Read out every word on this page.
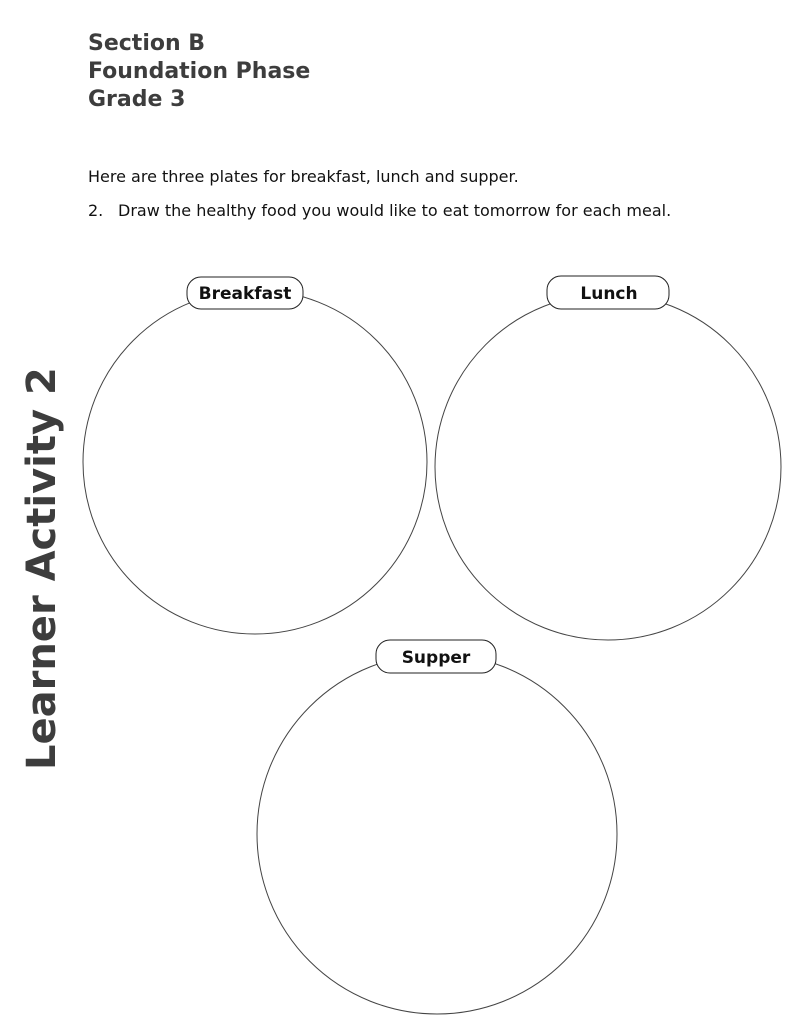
Section B
Foundation Phase
Grade 3
Here are three plates for breakfast, lunch and supper.
2. Draw the healthy food you would like to eat tomorrow for each meal.
Learner Activity 2
Breakfast	Lunch
Supper
